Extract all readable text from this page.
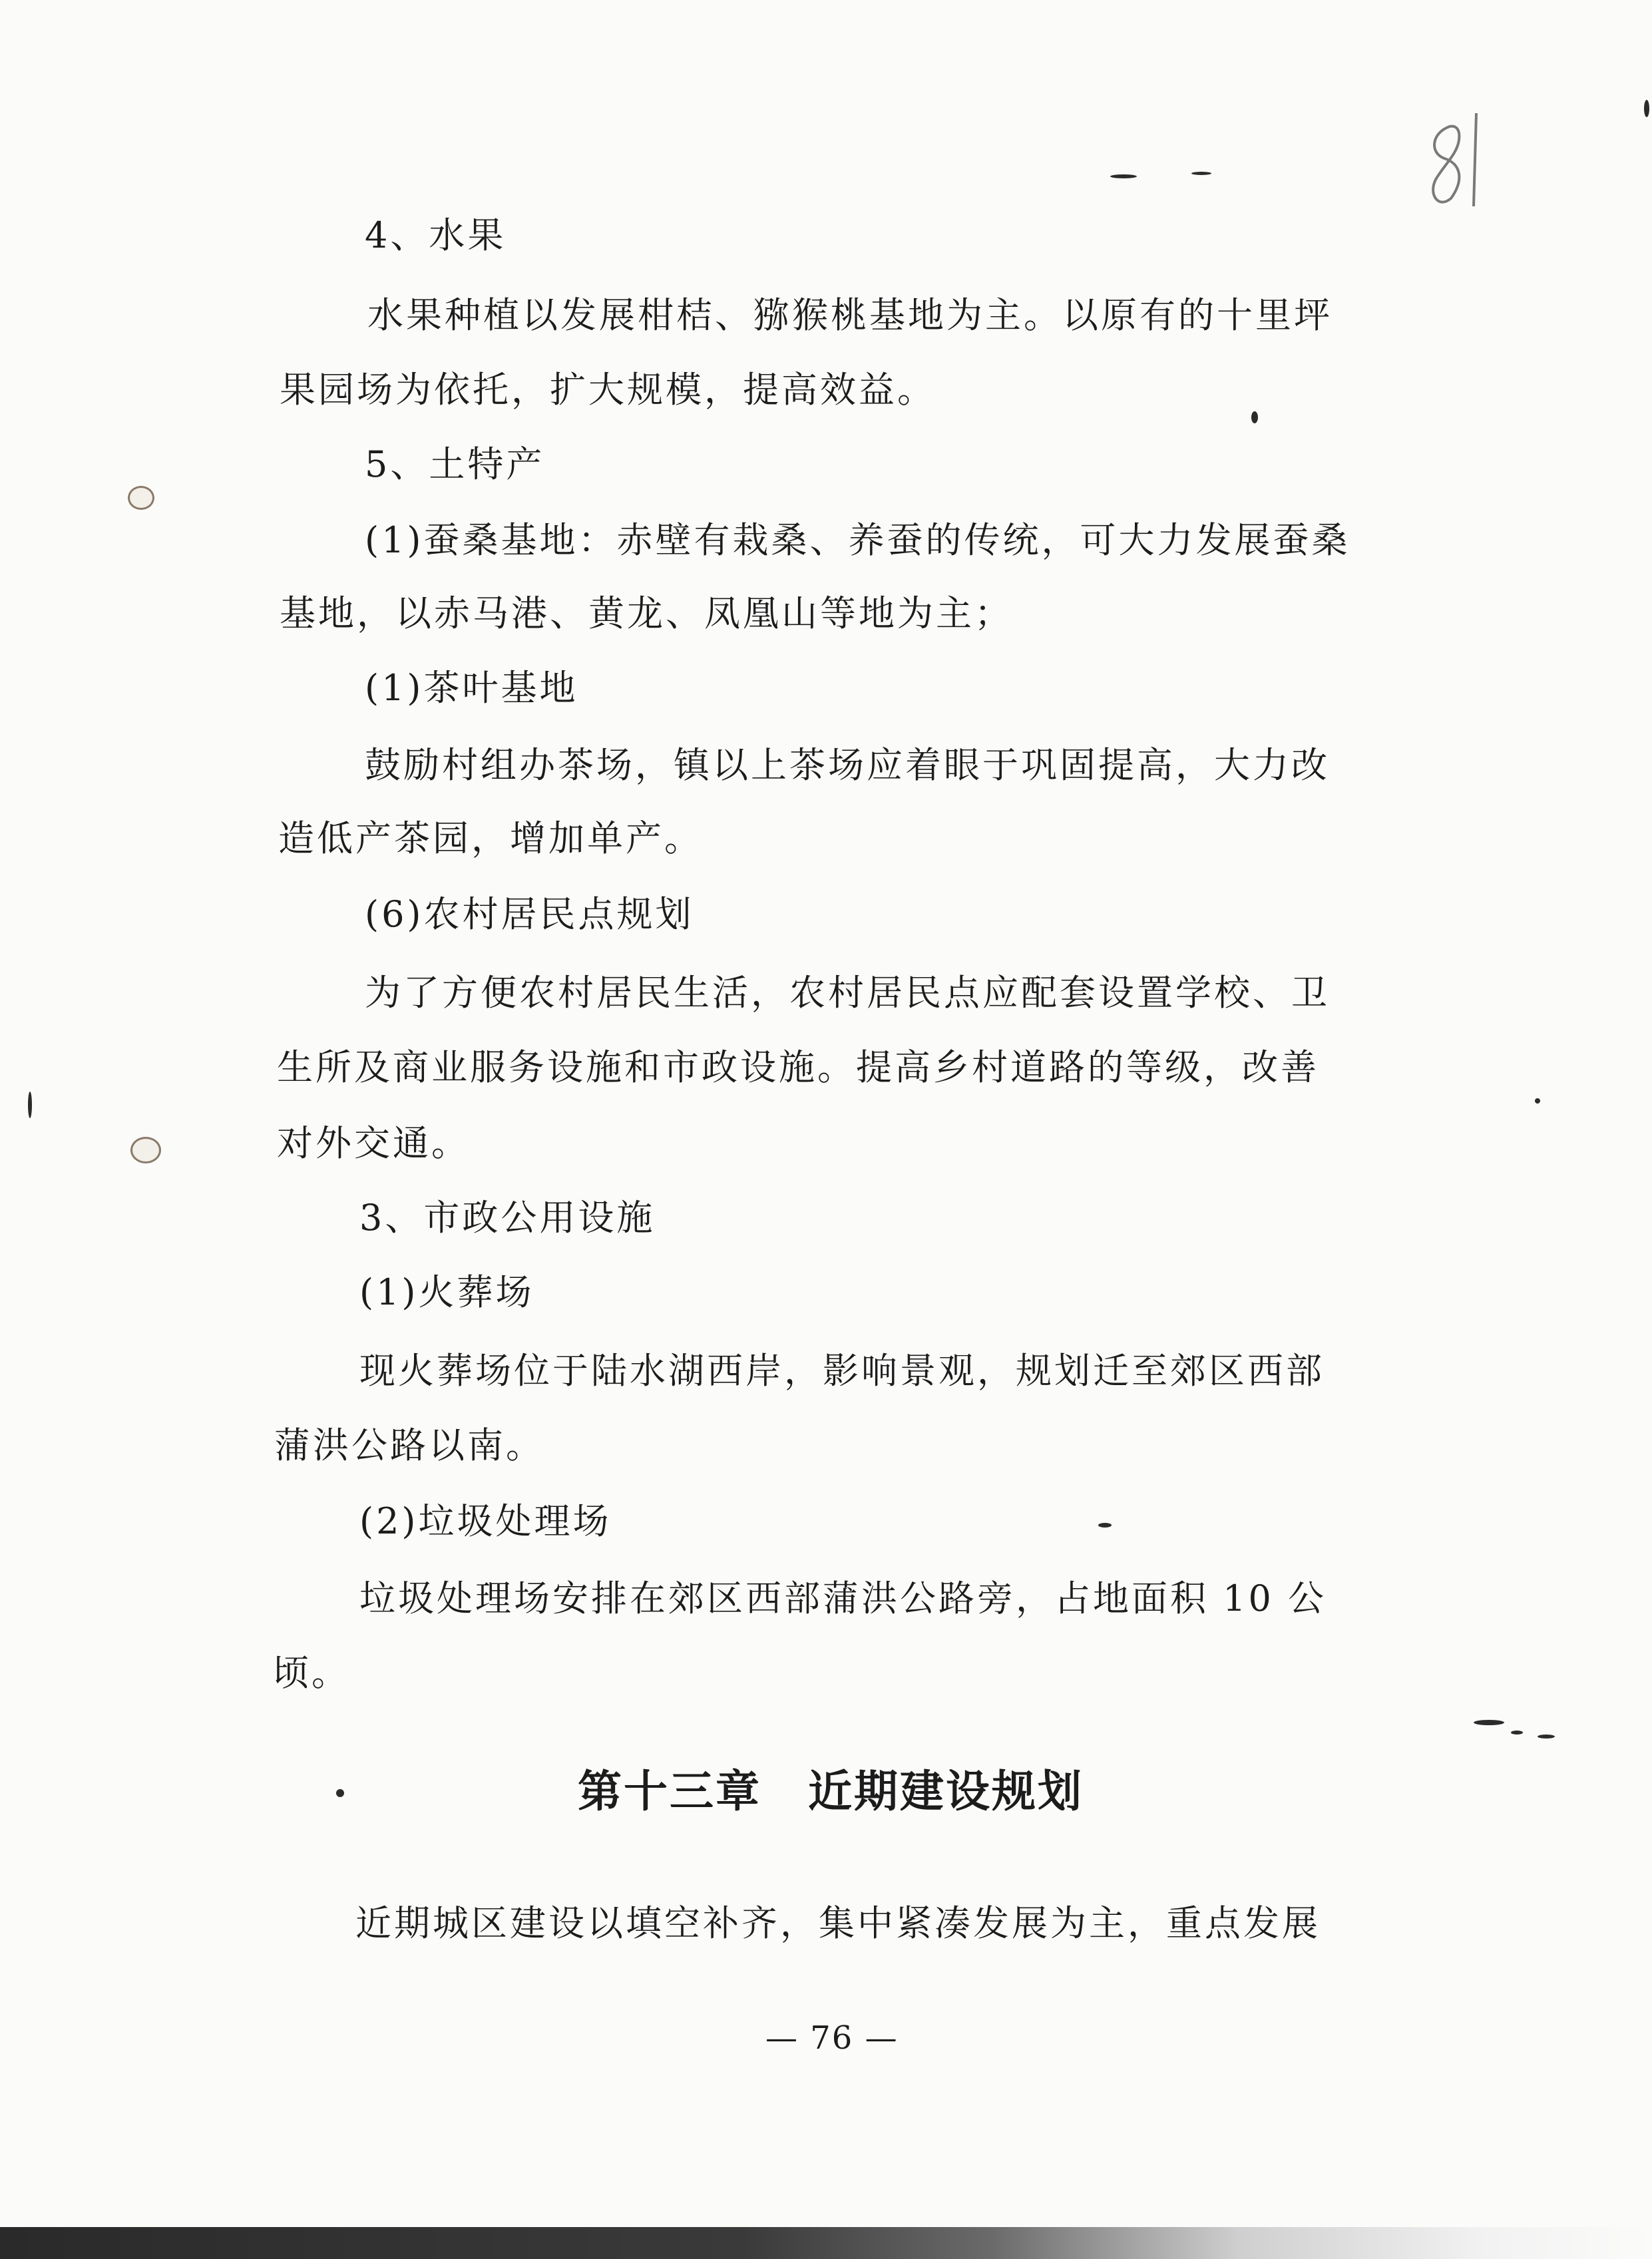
4、水果
水果种植以发展柑桔、猕猴桃基地为主。以原有的十里坪
果园场为依托，扩大规模，提高效益。
5、土特产
(1)蚕桑基地：赤壁有栽桑、养蚕的传统，可大力发展蚕桑
基地，以赤马港、黄龙、凤凰山等地为主；
(1)茶叶基地
鼓励村组办茶场，镇以上茶场应着眼于巩固提高，大力改
造低产茶园，增加单产。
(6)农村居民点规划
为了方便农村居民生活，农村居民点应配套设置学校、卫
生所及商业服务设施和市政设施。提高乡村道路的等级，改善
对外交通。
3、市政公用设施
(1)火葬场
现火葬场位于陆水湖西岸，影响景观，规划迁至郊区西部
蒲洪公路以南。
(2)垃圾处理场
垃圾处理场安排在郊区西部蒲洪公路旁，占地面积 10 公
顷。
第十三章 近期建设规划
近期城区建设以填空补齐，集中紧凑发展为主，重点发展
— 76 —
